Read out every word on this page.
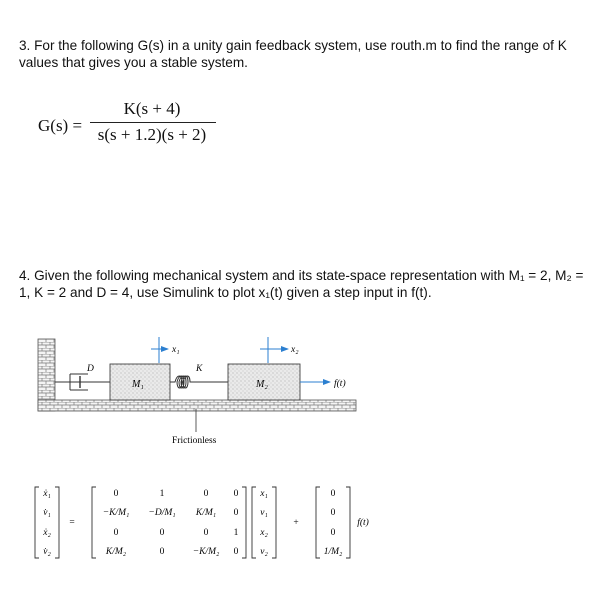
3. For the following G(s) in a unity gain feedback system, use routh.m to find the range of K
values that gives you a stable system.
G(s) =
K(s + 4)
s(s + 1.2)(s + 2)
4. Given the following mechanical system and its state-space representation with M₁ = 2, M₂ =
1, K = 2 and D = 4, use Simulink to plot x₁(t) given a step input in f(t).
x₁	x₂
D	K
M₁	M₂	f(t)
Frictionless
ẋ₁
v̇₁
ẋ₂
v̇₂
=
0	1	0	0
−K/M₁ −D/M₁ K/M₁ 0
0	0	0	1
K/M₂	0	−K/M₂ 0
x₁
v₁
x₂
v₂
+
0
0
0
1/M₂
f(t)
